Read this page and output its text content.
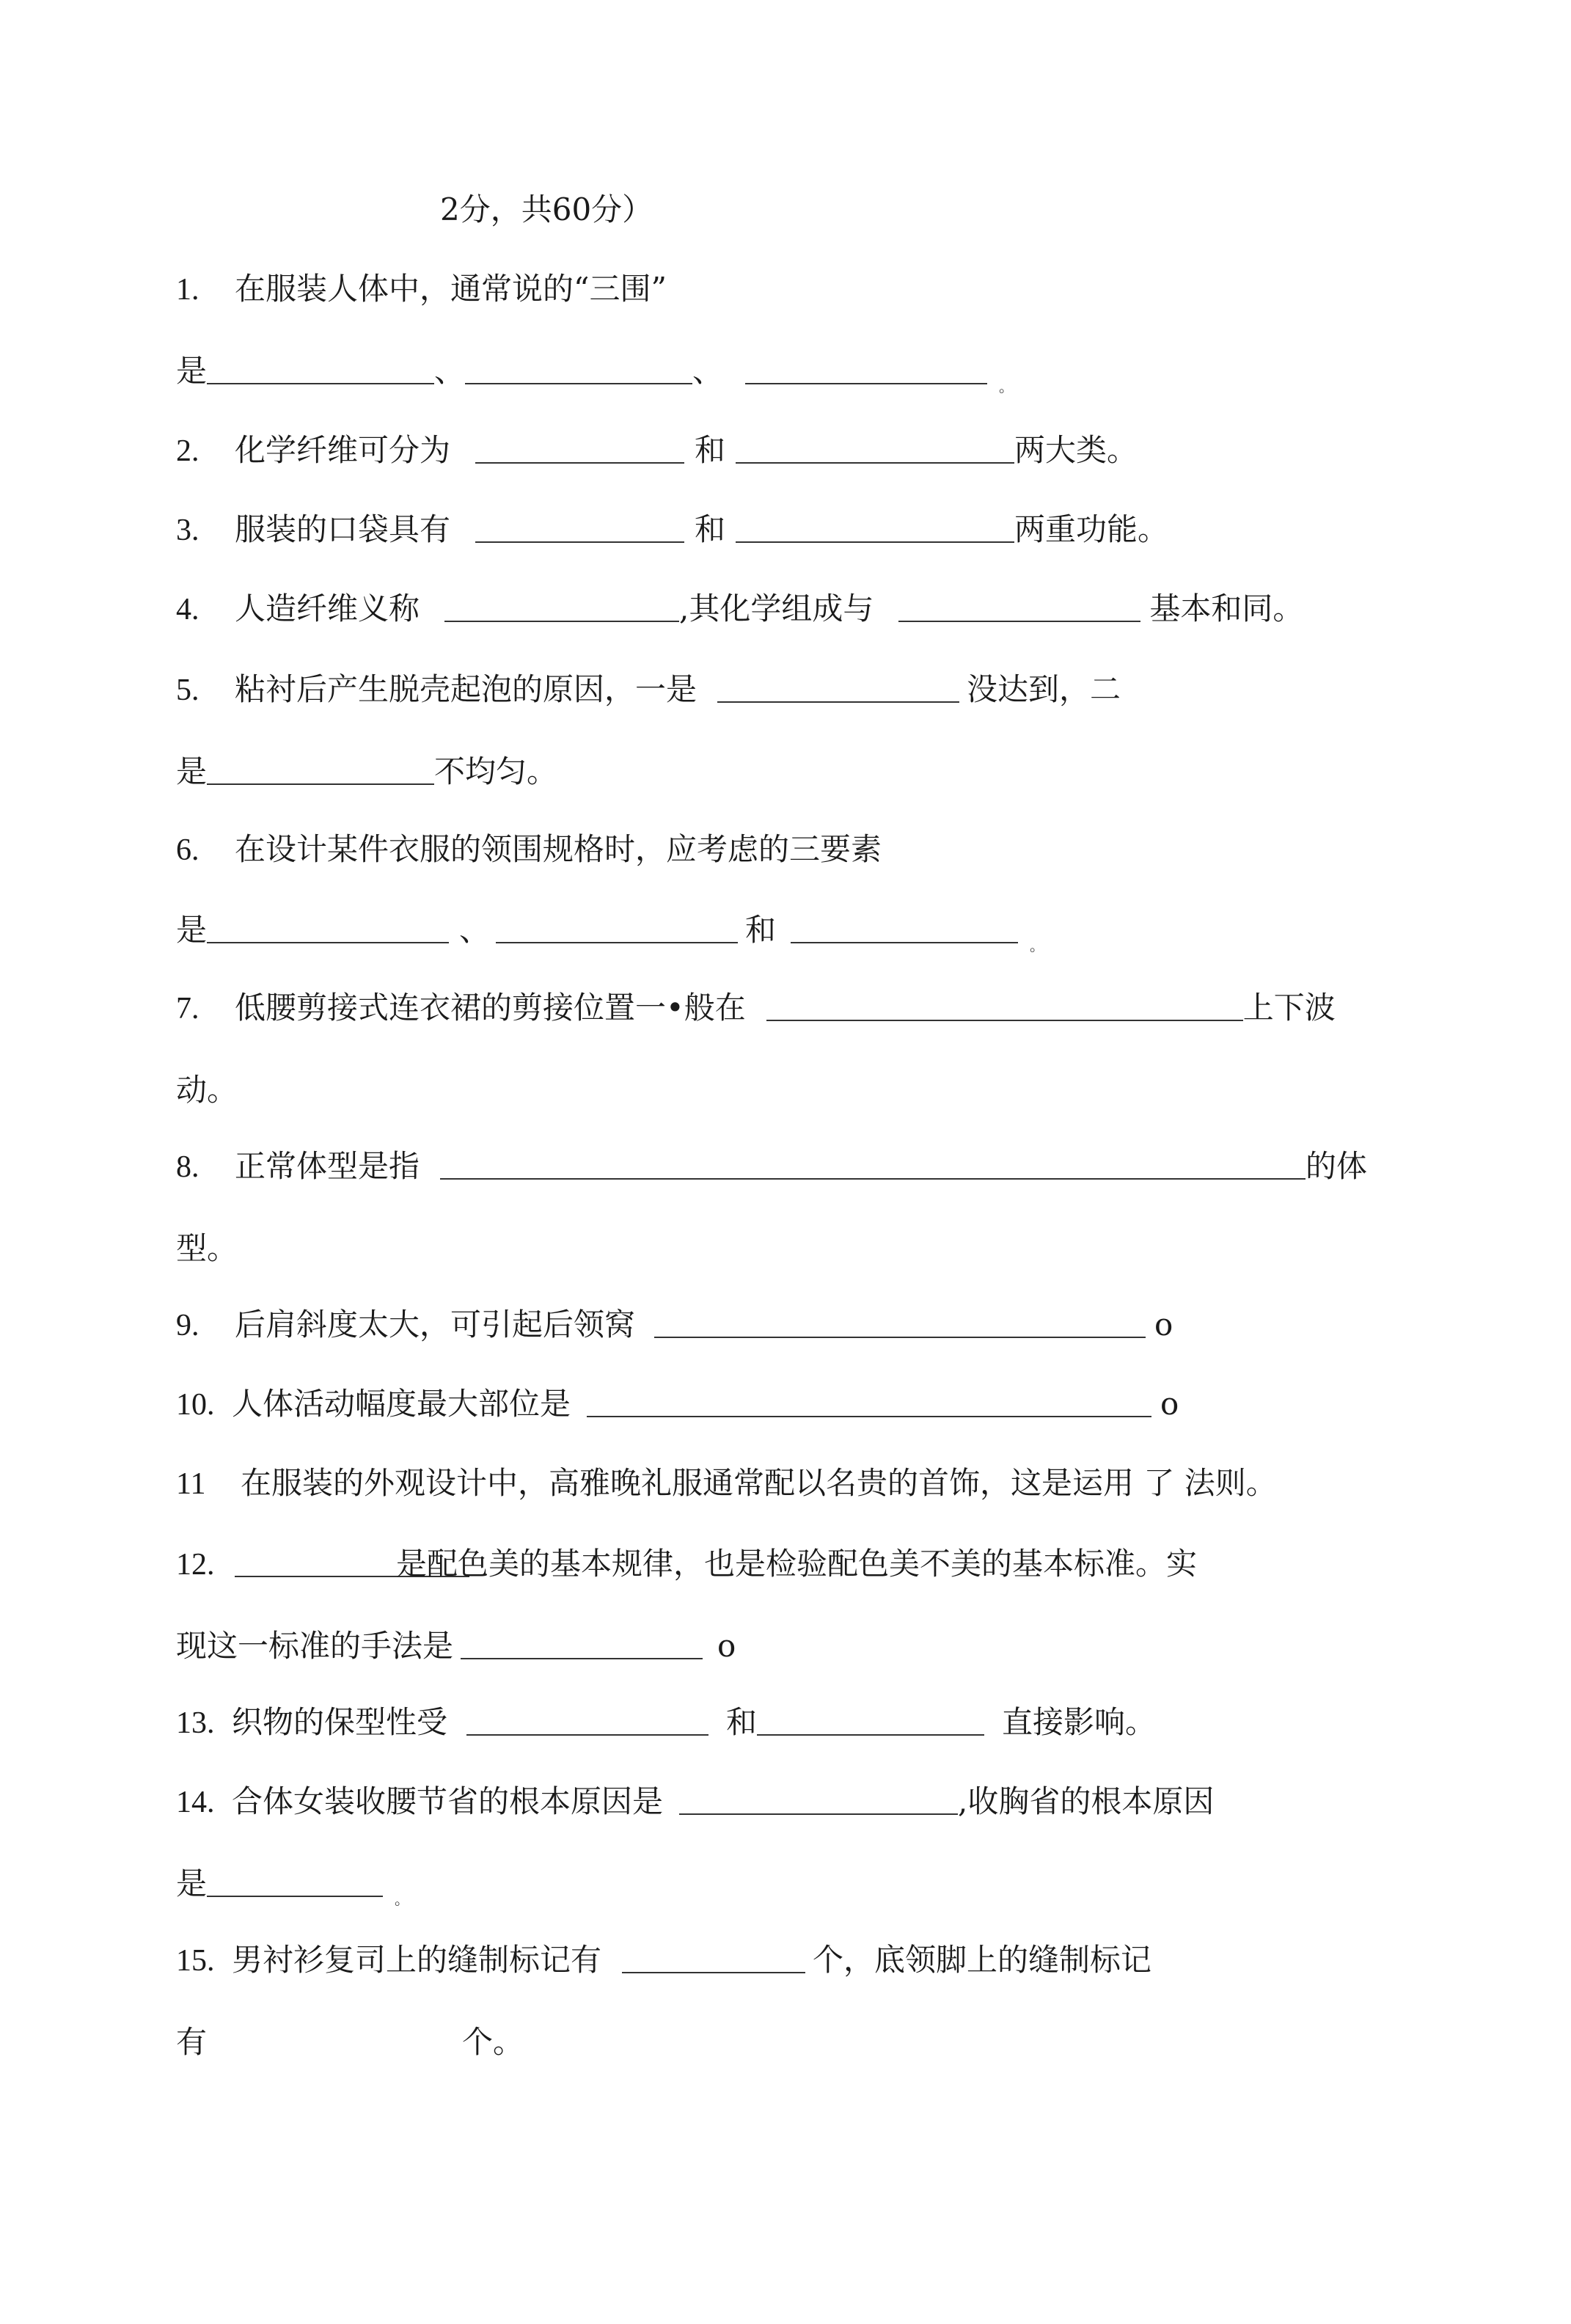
2分，共60分）
1. 在服装人体中，通常说的“三围”
是	、	、	$_。$
2. 化学纤维可分为	和	两大类。
3. 服装的口袋具有	和	两重功能。
4. 人造纤维义称	,其化学组成与	基本和同。
5. 粘衬后产生脱壳起泡的原因，一是	没达到，二
是	不均匀。
6. 在设计某件衣服的领围规格时，应考虑的三要素
是	、	和	$_。$
7. 低腰剪接式连衣裙的剪接位置一•般在	上下波
动。
8. 正常体型是指	的体
型。
9. 后肩斜度太大，可引起后领窝	o
10. 人体活动幅度最大部位是	o
11 在服装的外观设计中，高雅晚礼服通常配以名贵的首饰，这是运用 了 法则。
12.	是配色美的基本规律，也是检验配色美不美的基本标准。实
现这一标准的手法是	o
13. 织物的保型性受	和	直接影响。
14. 合体女装收腰节省的根本原因是	,收胸省的根本原因
是	$_。$
15. 男衬衫复司上的缝制标记有	个，底领脚上的缝制标记
有	个。
